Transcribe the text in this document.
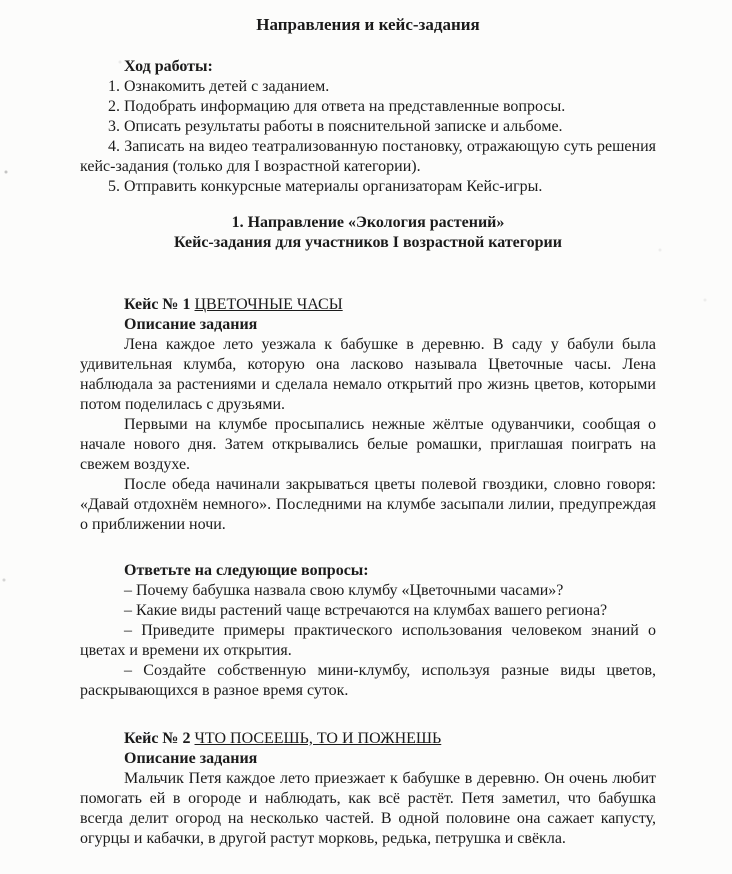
Направления и кейс-задания

Ход работы:

1. Ознакомить детей с заданием.

2. Подобрать информацию для ответа на представленные вопросы.

3. Описать результаты работы в пояснительной записке и альбоме.

4. Записать на видео театрализованную постановку, отражающую суть решения кейс-задания (только для I возрастной категории).

5. Отправить конкурсные материалы организаторам Кейс-игры.

1. Направление «Экология растений»

Кейс-задания для участников I возрастной категории

Кейс № 1 ЦВЕТОЧНЫЕ ЧАСЫ

Описание задания

Лена каждое лето уезжала к бабушке в деревню. В саду у бабули была удивительная клумба, которую она ласково называла Цветочные часы. Лена наблюдала за растениями и сделала немало открытий про жизнь цветов, которыми потом поделилась с друзьями.

Первыми на клумбе просыпались нежные жёлтые одуванчики, сообщая о начале нового дня. Затем открывались белые ромашки, приглашая поиграть на свежем воздухе.

После обеда начинали закрываться цветы полевой гвоздики, словно говоря: «Давай отдохнём немного». Последними на клумбе засыпали лилии, предупреждая о приближении ночи.

Ответьте на следующие вопросы:

– Почему бабушка назвала свою клумбу «Цветочными часами»?

– Какие виды растений чаще встречаются на клумбах вашего региона?

– Приведите примеры практического использования человеком знаний о цветах и времени их открытия.

– Создайте собственную мини-клумбу, используя разные виды цветов, раскрывающихся в разное время суток.

Кейс № 2 ЧТО ПОСЕЕШЬ, ТО И ПОЖНЕШЬ

Описание задания

Мальчик Петя каждое лето приезжает к бабушке в деревню. Он очень любит помогать ей в огороде и наблюдать, как всё растёт. Петя заметил, что бабушка всегда делит огород на несколько частей. В одной половине она сажает капусту, огурцы и кабачки, в другой растут морковь, редька, петрушка и свёкла.
